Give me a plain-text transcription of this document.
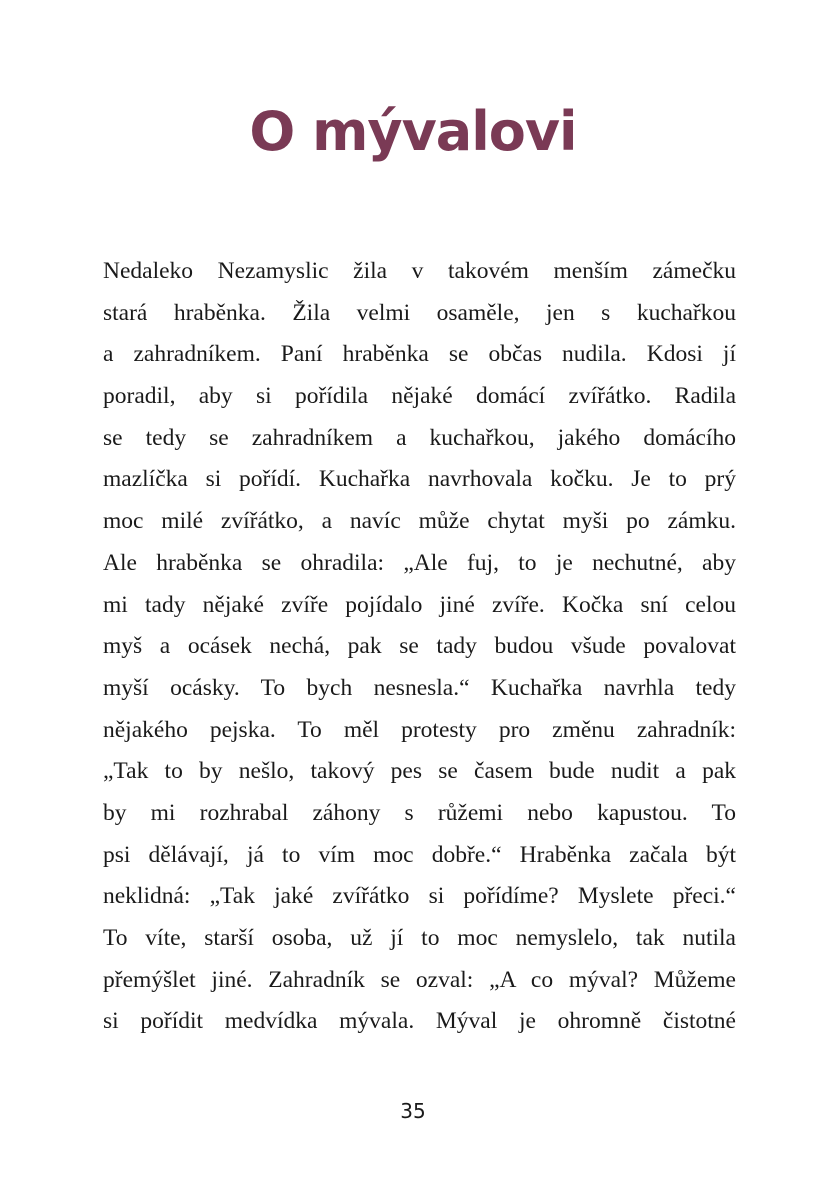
O mývalovi
Nedaleko Nezamyslic žila v takovém menším zámečku
stará hraběnka. Žila velmi osaměle, jen s kuchařkou
a zahradníkem. Paní hraběnka se občas nudila. Kdosi jí
poradil, aby si pořídila nějaké domácí zvířátko. Radila
se tedy se zahradníkem a kuchařkou, jakého domácího
mazlíčka si pořídí. Kuchařka navrhovala kočku. Je to prý
moc milé zvířátko, a navíc může chytat myši po zámku.
Ale hraběnka se ohradila: „Ale fuj, to je nechutné, aby
mi tady nějaké zvíře pojídalo jiné zvíře. Kočka sní celou
myš a ocásek nechá, pak se tady budou všude povalovat
myší ocásky. To bych nesnesla.“ Kuchařka navrhla tedy
nějakého pejska. To měl protesty pro změnu zahradník:
„Tak to by nešlo, takový pes se časem bude nudit a pak
by mi rozhrabal záhony s růžemi nebo kapustou. To
psi dělávají, já to vím moc dobře.“ Hraběnka začala být
neklidná: „Tak jaké zvířátko si pořídíme? Myslete přeci.“
To víte, starší osoba, už jí to moc nemyslelo, tak nutila
přemýšlet jiné. Zahradník se ozval: „A co mýval? Můžeme
si pořídit medvídka mývala. Mýval je ohromně čistotné
35
